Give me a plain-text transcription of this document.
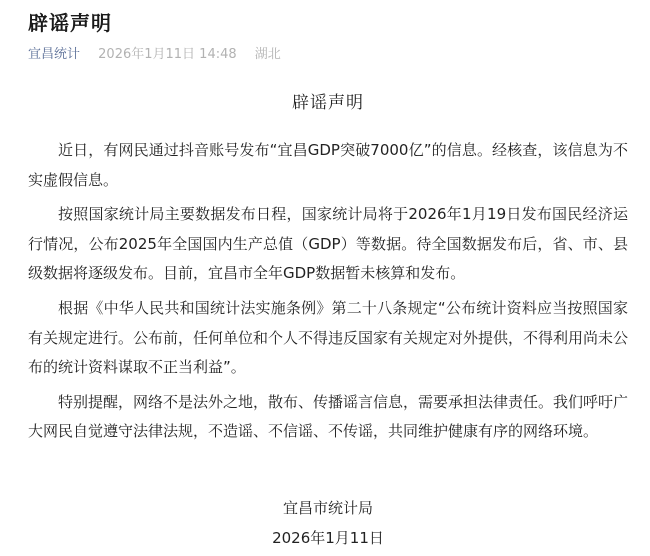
辟谣声明
宜昌统计 2026年1月11日 14:48 湖北
辟谣声明

近日，有网民通过抖音账号发布“宜昌GDP突破7000亿”的信息。经核查，该信息为不实虚假信息。

按照国家统计局主要数据发布日程，国家统计局将于2026年1月19日发布国民经济运行情况，公布2025年全国国内生产总值（GDP）等数据。待全国数据发布后，省、市、县级数据将逐级发布。目前，宜昌市全年GDP数据暂未核算和发布。

根据《中华人民共和国统计法实施条例》第二十八条规定“公布统计资料应当按照国家有关规定进行。公布前，任何单位和个人不得违反国家有关规定对外提供，不得利用尚未公布的统计资料谋取不正当利益”。

特别提醒，网络不是法外之地，散布、传播谣言信息，需要承担法律责任。我们呼吁广大网民自觉遵守法律法规，不造谣、不信谣、不传谣，共同维护健康有序的网络环境。

宜昌市统计局
2026年1月11日
